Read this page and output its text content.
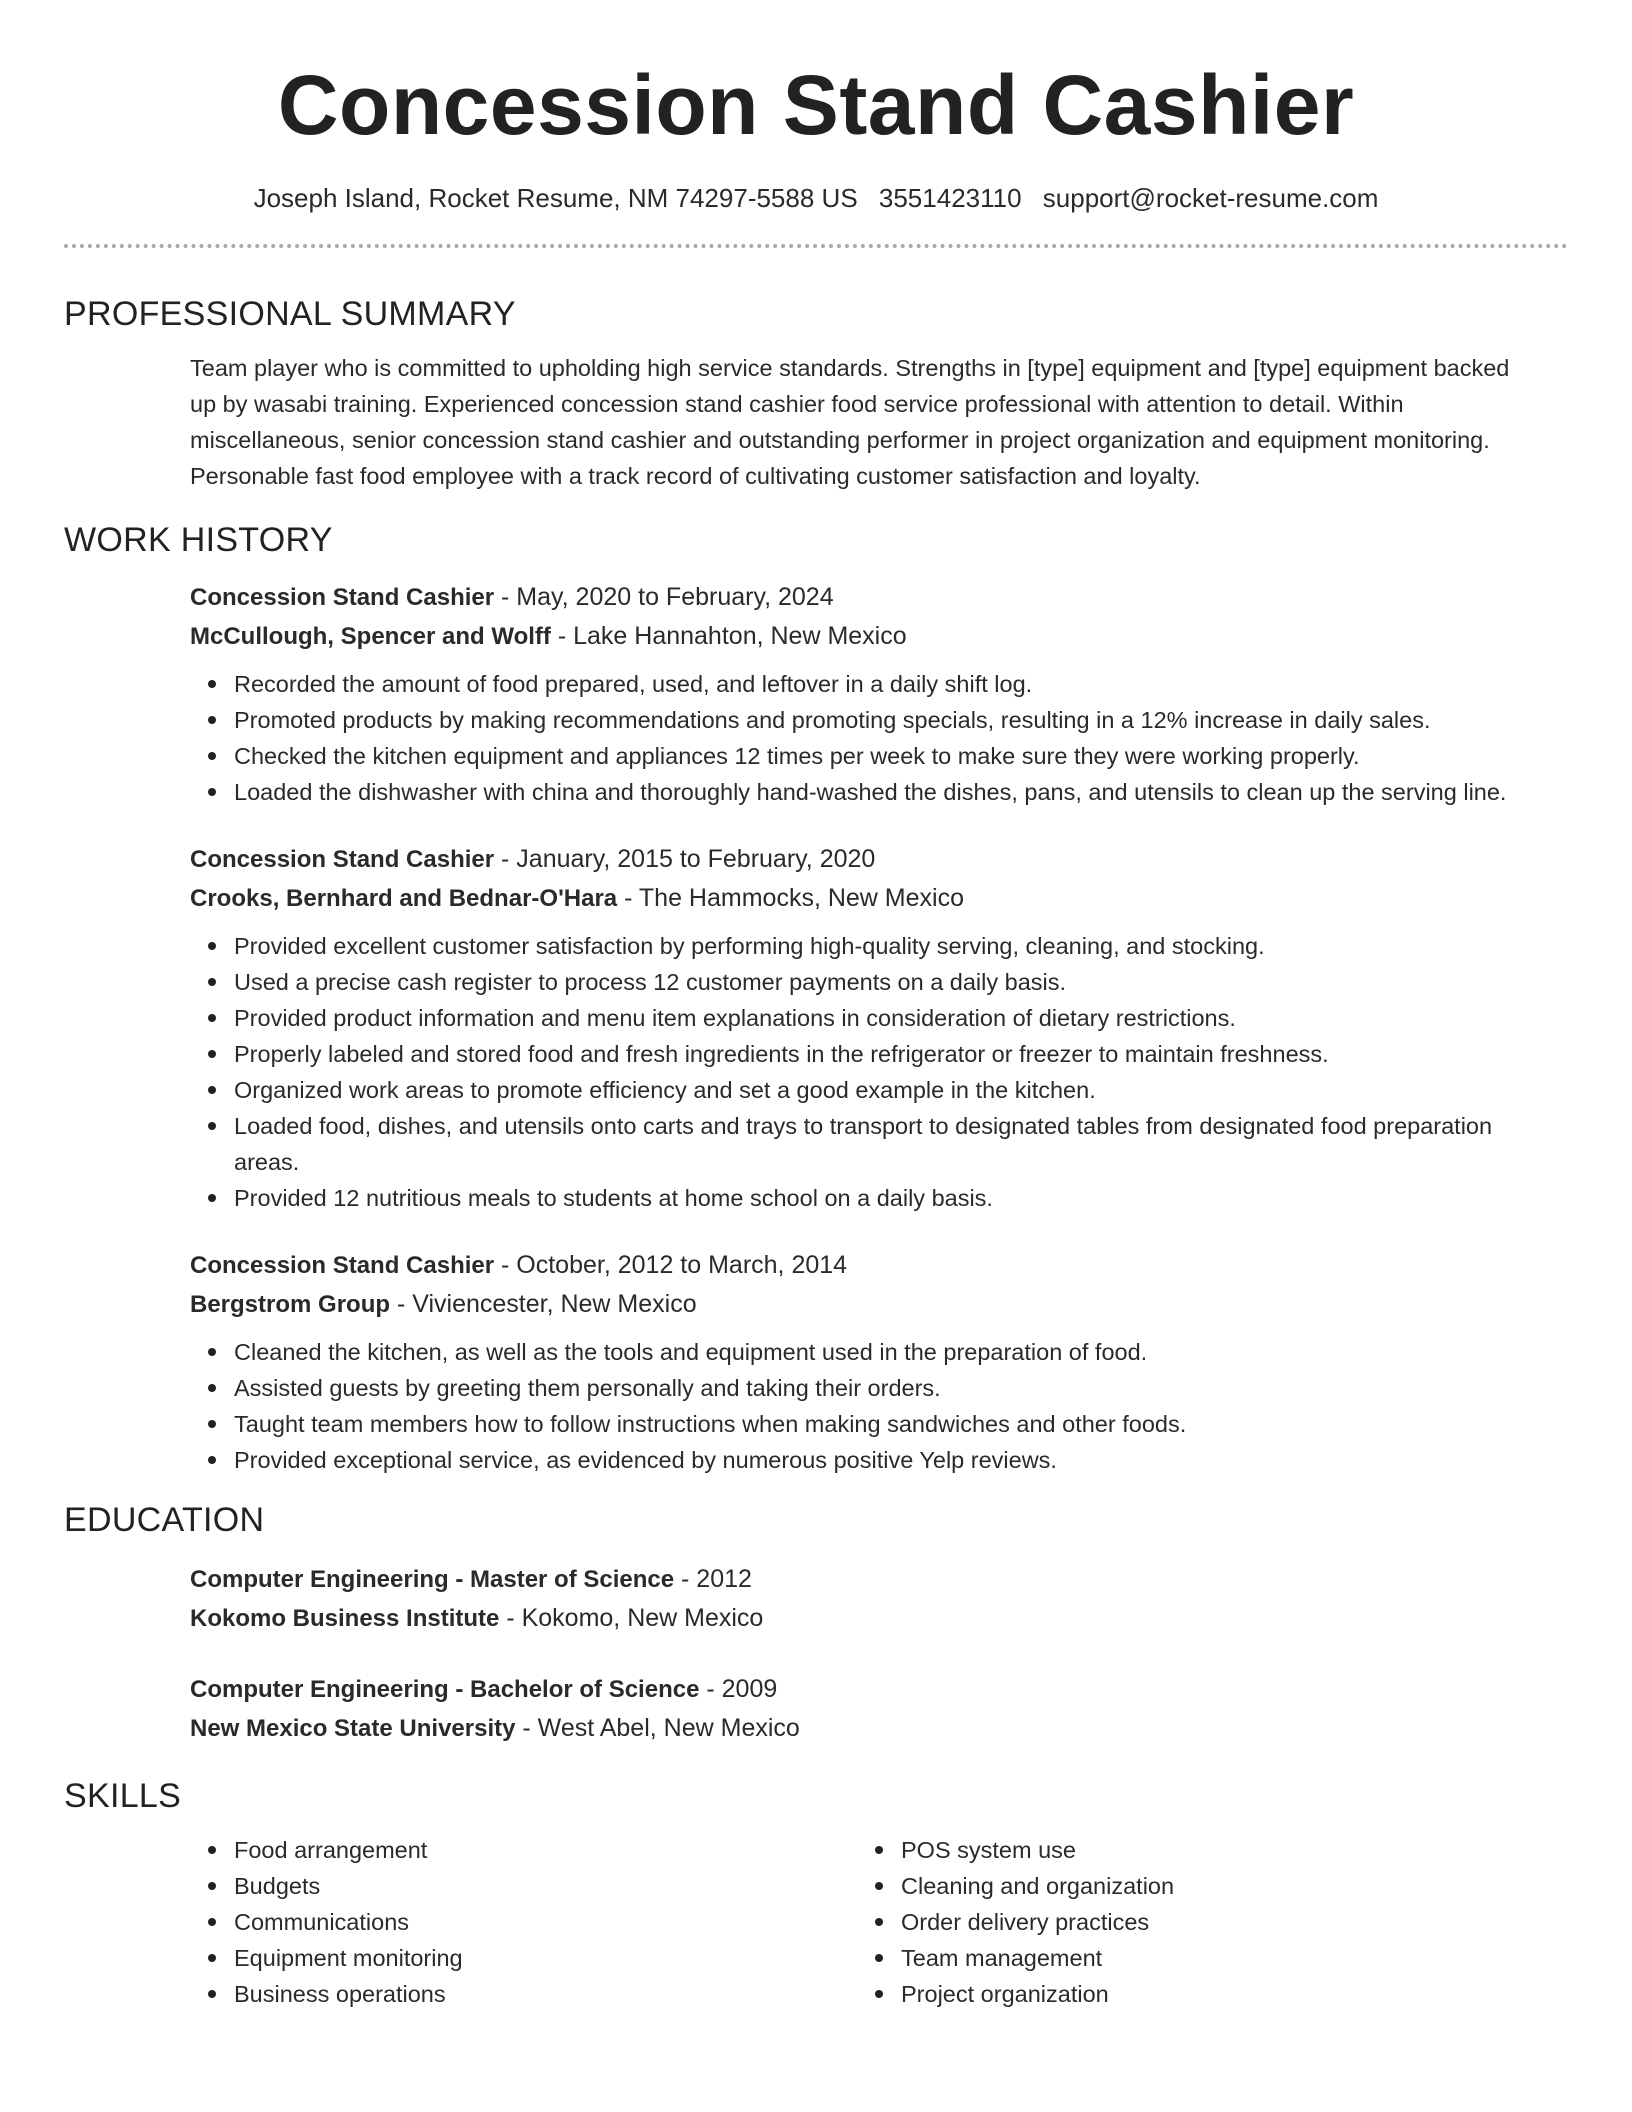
Concession Stand Cashier
Joseph Island, Rocket Resume, NM 74297-5588 US 3551423110 support@rocket-resume.com
PROFESSIONAL SUMMARY

Team player who is committed to upholding high service standards. Strengths in [type] equipment and [type] equipment backed up by wasabi training. Experienced concession stand cashier food service professional with attention to detail. Within miscellaneous, senior concession stand cashier and outstanding performer in project organization and equipment monitoring. Personable fast food employee with a track record of cultivating customer satisfaction and loyalty.

WORK HISTORY
Concession Stand Cashier - May, 2020 to February, 2024
McCullough, Spencer and Wolff - Lake Hannahton, New Mexico
Recorded the amount of food prepared, used, and leftover in a daily shift log.
Promoted products by making recommendations and promoting specials, resulting in a 12% increase in daily sales.
Checked the kitchen equipment and appliances 12 times per week to make sure they were working properly.
Loaded the dishwasher with china and thoroughly hand-washed the dishes, pans, and utensils to clean up the serving line.
Concession Stand Cashier - January, 2015 to February, 2020
Crooks, Bernhard and Bednar-O'Hara - The Hammocks, New Mexico
Provided excellent customer satisfaction by performing high-quality serving, cleaning, and stocking.
Used a precise cash register to process 12 customer payments on a daily basis.
Provided product information and menu item explanations in consideration of dietary restrictions.
Properly labeled and stored food and fresh ingredients in the refrigerator or freezer to maintain freshness.
Organized work areas to promote efficiency and set a good example in the kitchen.
Loaded food, dishes, and utensils onto carts and trays to transport to designated tables from designated food preparation areas.
Provided 12 nutritious meals to students at home school on a daily basis.
Concession Stand Cashier - October, 2012 to March, 2014
Bergstrom Group - Viviencester, New Mexico
Cleaned the kitchen, as well as the tools and equipment used in the preparation of food.
Assisted guests by greeting them personally and taking their orders.
Taught team members how to follow instructions when making sandwiches and other foods.
Provided exceptional service, as evidenced by numerous positive Yelp reviews.
EDUCATION
Computer Engineering - Master of Science - 2012
Kokomo Business Institute - Kokomo, New Mexico
Computer Engineering - Bachelor of Science - 2009
New Mexico State University - West Abel, New Mexico
SKILLS
Food arrangement
Budgets
Communications
Equipment monitoring
Business operations
POS system use
Cleaning and organization
Order delivery practices
Team management
Project organization
